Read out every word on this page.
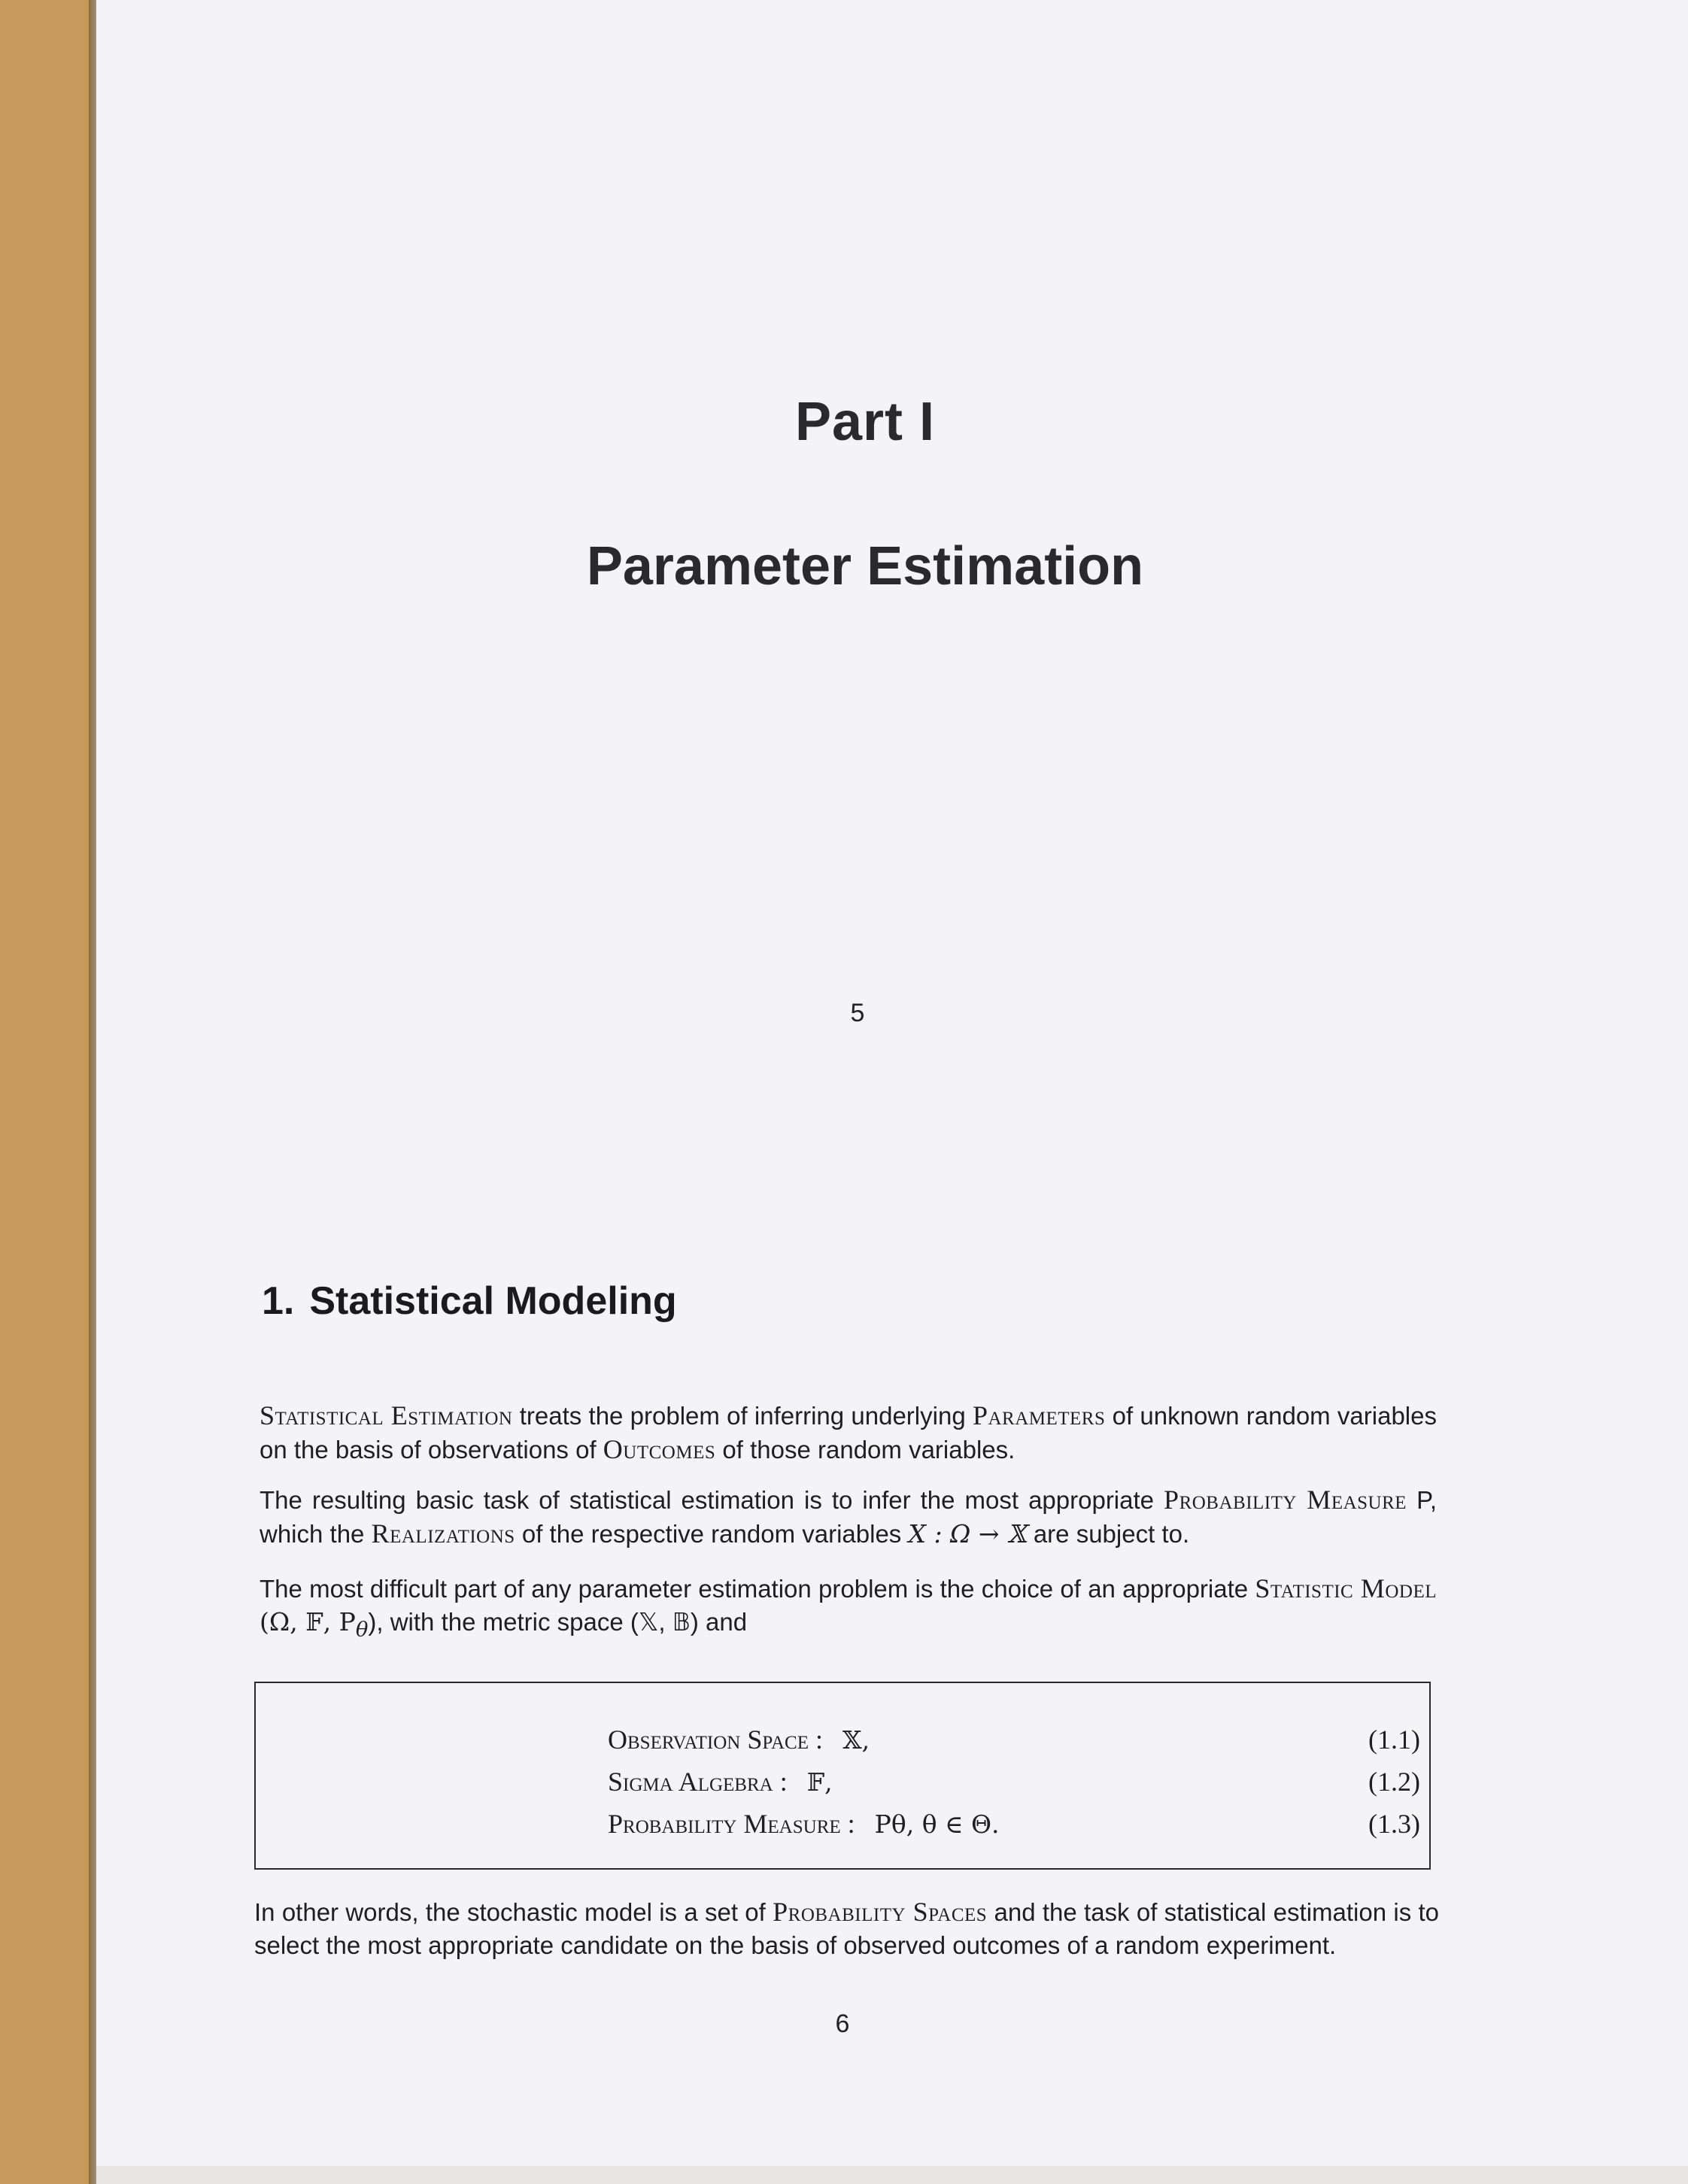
Part I
Parameter Estimation
5
1. Statistical Modeling
Statistical Estimation treats the problem of inferring underlying Parameters of unknown random variables on the basis of observations of Outcomes of those random variables.
The resulting basic task of statistical estimation is to infer the most appropriate Probability Measure P, which the Realizations of the respective random variables X : Ω → 𝕏 are subject to.
The most difficult part of any parameter estimation problem is the choice of an appropriate Statistic Model (Ω, 𝔽, $P_\theta$), with the metric space (𝕏, 𝔹) and
Observation Space : 𝕏,	(1.1)
Sigma Algebra : 𝔽,	(1.2)
Probability Measure : Pθ, θ ∈ Θ.	(1.3)
In other words, the stochastic model is a set of Probability Spaces and the task of statistical estimation is to select the most appropriate candidate on the basis of observed outcomes of a random experiment.
6
